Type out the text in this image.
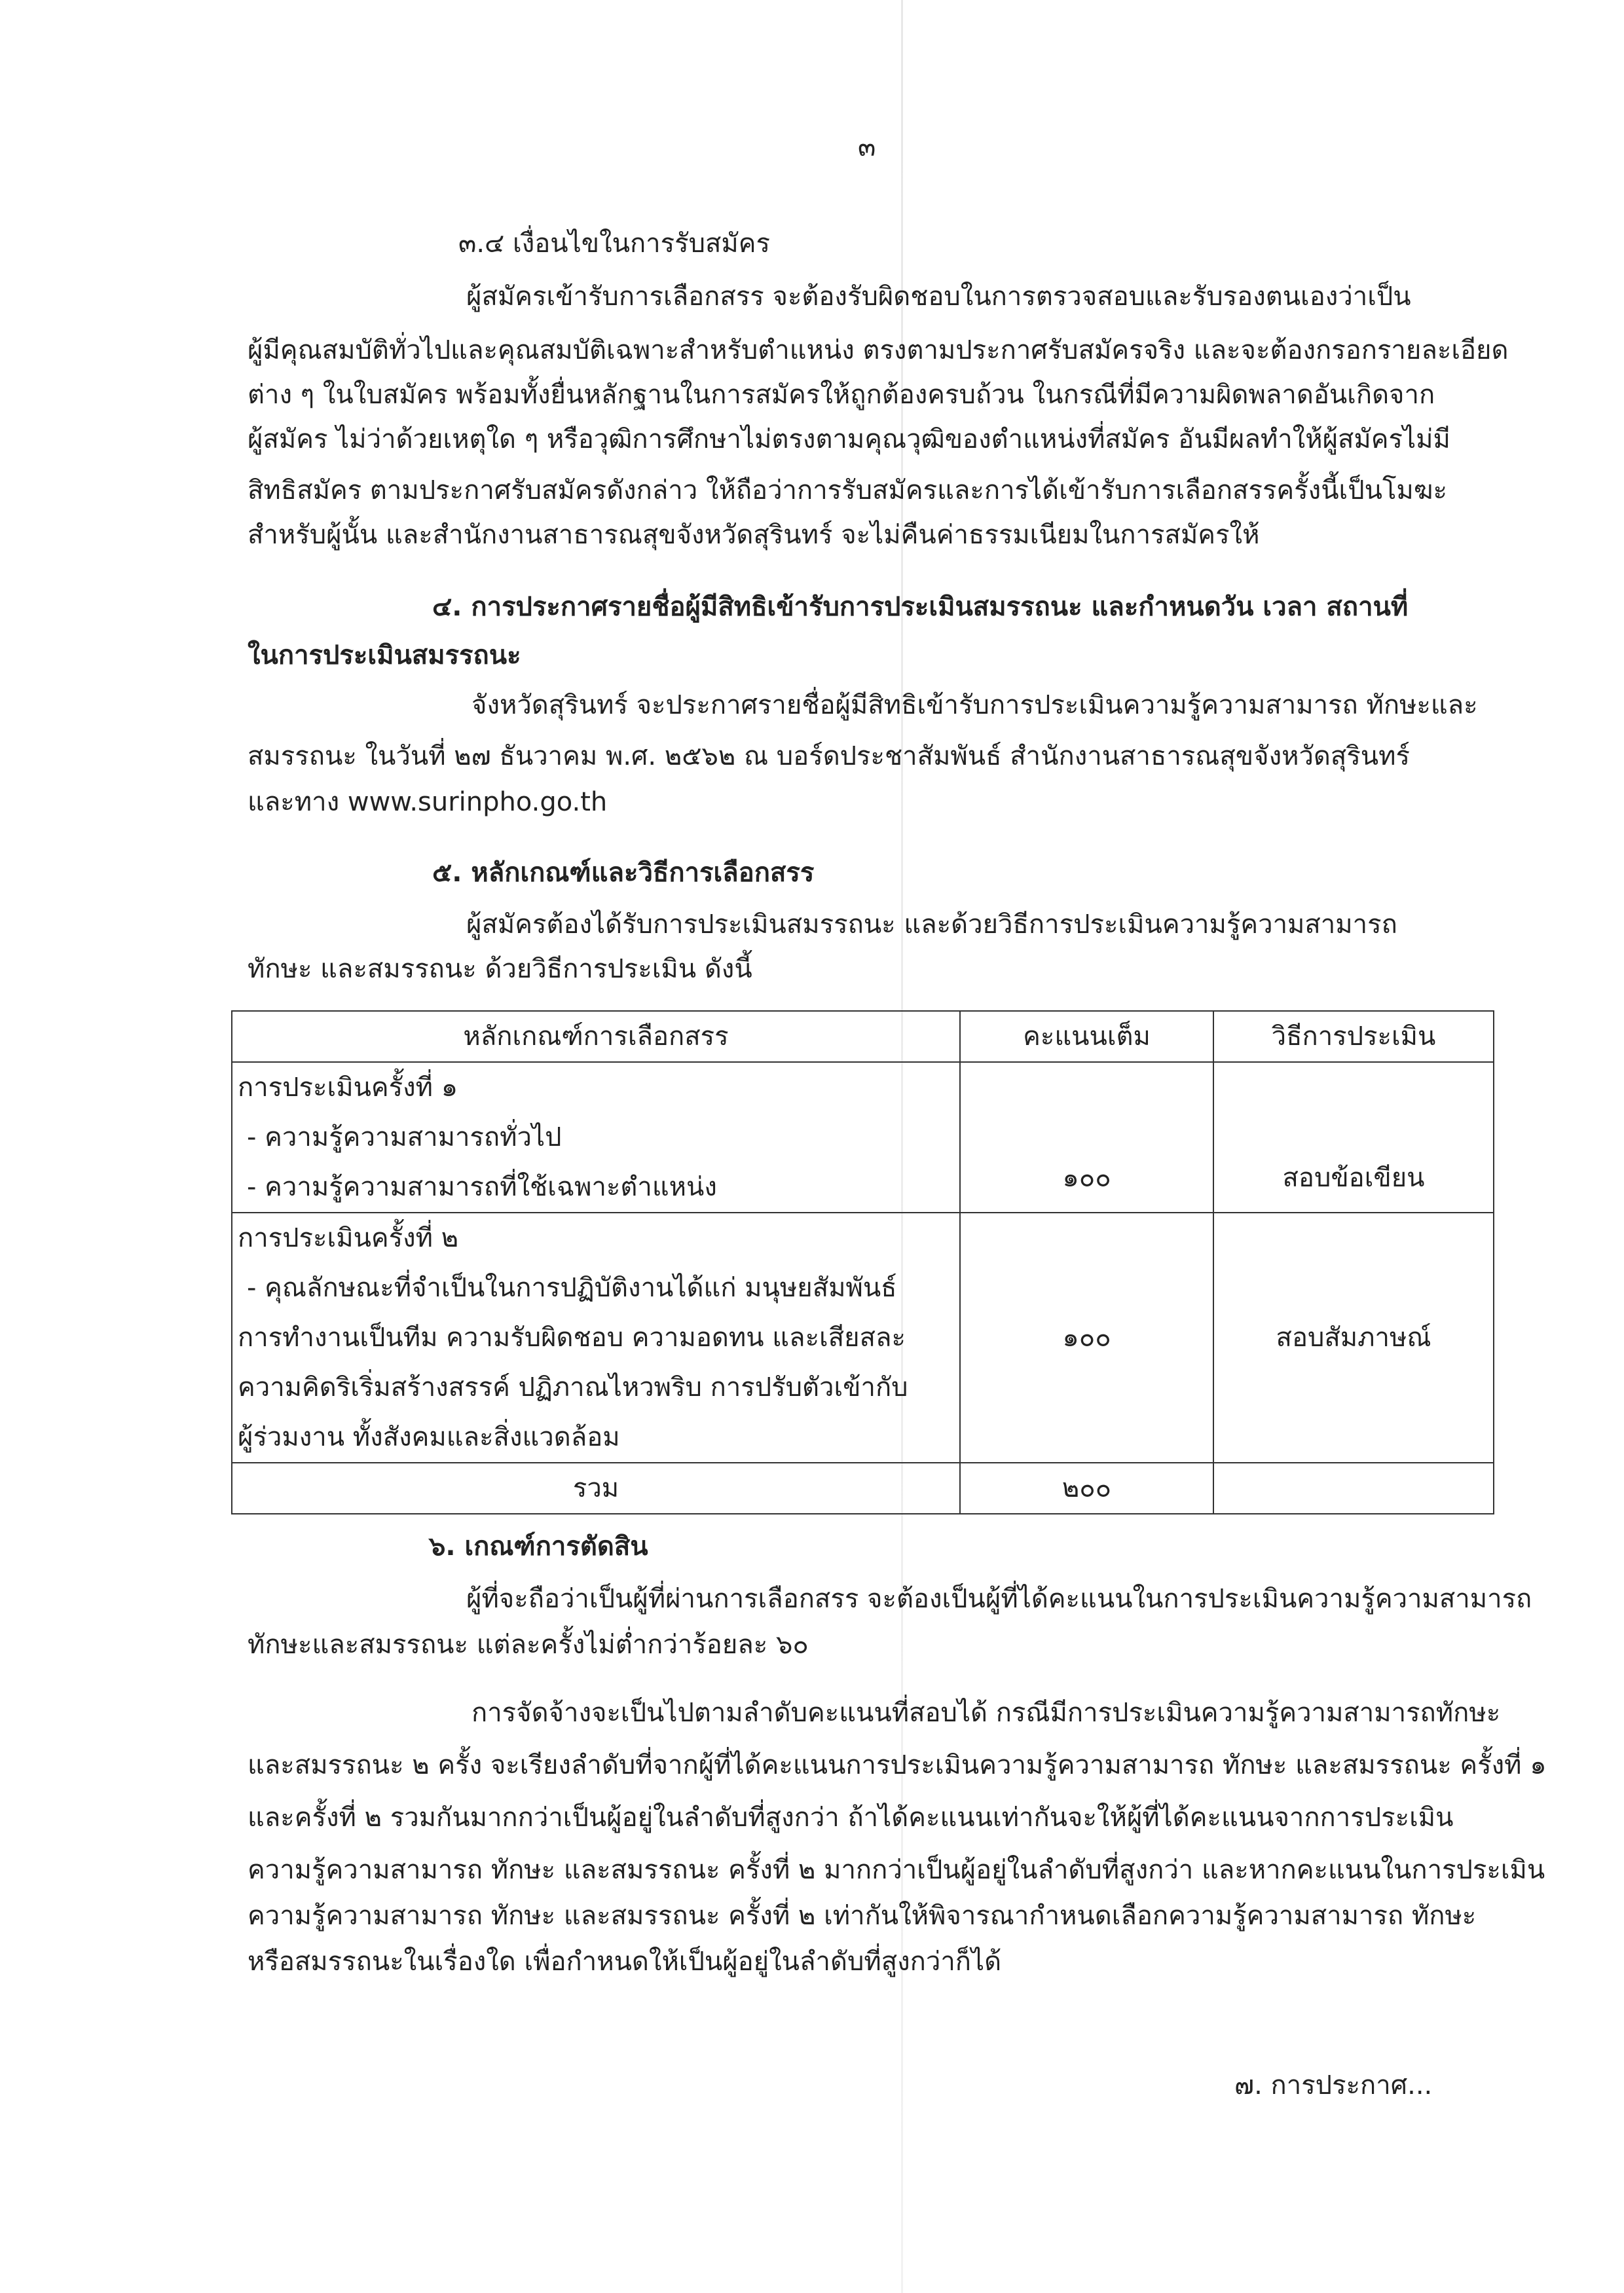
๓
๓.๔ เงื่อนไขในการรับสมัคร
ผู้สมัครเข้ารับการเลือกสรร จะต้องรับผิดชอบในการตรวจสอบและรับรองตนเองว่าเป็น
ผู้มีคุณสมบัติทั่วไปและคุณสมบัติเฉพาะสำหรับตำแหน่ง ตรงตามประกาศรับสมัครจริง และจะต้องกรอกรายละเอียด
ต่าง ๆ ในใบสมัคร พร้อมทั้งยื่นหลักฐานในการสมัครให้ถูกต้องครบถ้วน ในกรณีที่มีความผิดพลาดอันเกิดจาก
ผู้สมัคร ไม่ว่าด้วยเหตุใด ๆ หรือวุฒิการศึกษาไม่ตรงตามคุณวุฒิของตำแหน่งที่สมัคร อันมีผลทำให้ผู้สมัครไม่มี
สิทธิสมัคร ตามประกาศรับสมัครดังกล่าว ให้ถือว่าการรับสมัครและการได้เข้ารับการเลือกสรรครั้งนี้เป็นโมฆะ
สำหรับผู้นั้น และสำนักงานสาธารณสุขจังหวัดสุรินทร์ จะไม่คืนค่าธรรมเนียมในการสมัครให้
๔. การประกาศรายชื่อผู้มีสิทธิเข้ารับการประเมินสมรรถนะ และกำหนดวัน เวลา สถานที่
ในการประเมินสมรรถนะ
จังหวัดสุรินทร์ จะประกาศรายชื่อผู้มีสิทธิเข้ารับการประเมินความรู้ความสามารถ ทักษะและ
สมรรถนะ ในวันที่ ๒๗ ธันวาคม พ.ศ. ๒๕๖๒ ณ บอร์ดประชาสัมพันธ์ สำนักงานสาธารณสุขจังหวัดสุรินทร์
และทาง www.surinpho.go.th
๕. หลักเกณฑ์และวิธีการเลือกสรร
ผู้สมัครต้องได้รับการประเมินสมรรถนะ และด้วยวิธีการประเมินความรู้ความสามารถ
ทักษะ และสมรรถนะ ด้วยวิธีการประเมิน ดังนี้
หลักเกณฑ์การเลือกสรร	คะแนนเต็ม	วิธีการประเมิน

การประเมินครั้งที่ ๑
- ความรู้ความสามารถทั่วไป
- ความรู้ความสามารถที่ใช้เฉพาะตำแหน่ง	๑๐๐	สอบข้อเขียน

การประเมินครั้งที่ ๒
- คุณลักษณะที่จำเป็นในการปฏิบัติงานได้แก่ มนุษยสัมพันธ์
การทำงานเป็นทีม ความรับผิดชอบ ความอดทน และเสียสละ
ความคิดริเริ่มสร้างสรรค์ ปฏิภาณไหวพริบ การปรับตัวเข้ากับ
ผู้ร่วมงาน ทั้งสังคมและสิ่งแวดล้อม	๑๐๐	สอบสัมภาษณ์
รวม	๒๐๐	
๖. เกณฑ์การตัดสิน
ผู้ที่จะถือว่าเป็นผู้ที่ผ่านการเลือกสรร จะต้องเป็นผู้ที่ได้คะแนนในการประเมินความรู้ความสามารถ
ทักษะและสมรรถนะ แต่ละครั้งไม่ต่ำกว่าร้อยละ ๖๐
การจัดจ้างจะเป็นไปตามลำดับคะแนนที่สอบได้ กรณีมีการประเมินความรู้ความสามารถทักษะ
และสมรรถนะ ๒ ครั้ง จะเรียงลำดับที่จากผู้ที่ได้คะแนนการประเมินความรู้ความสามารถ ทักษะ และสมรรถนะ ครั้งที่ ๑
และครั้งที่ ๒ รวมกันมากกว่าเป็นผู้อยู่ในลำดับที่สูงกว่า ถ้าได้คะแนนเท่ากันจะให้ผู้ที่ได้คะแนนจากการประเมิน
ความรู้ความสามารถ ทักษะ และสมรรถนะ ครั้งที่ ๒ มากกว่าเป็นผู้อยู่ในลำดับที่สูงกว่า และหากคะแนนในการประเมิน
ความรู้ความสามารถ ทักษะ และสมรรถนะ ครั้งที่ ๒ เท่ากันให้พิจารณากำหนดเลือกความรู้ความสามารถ ทักษะ
หรือสมรรถนะในเรื่องใด เพื่อกำหนดให้เป็นผู้อยู่ในลำดับที่สูงกว่าก็ได้
๗. การประกาศ...
